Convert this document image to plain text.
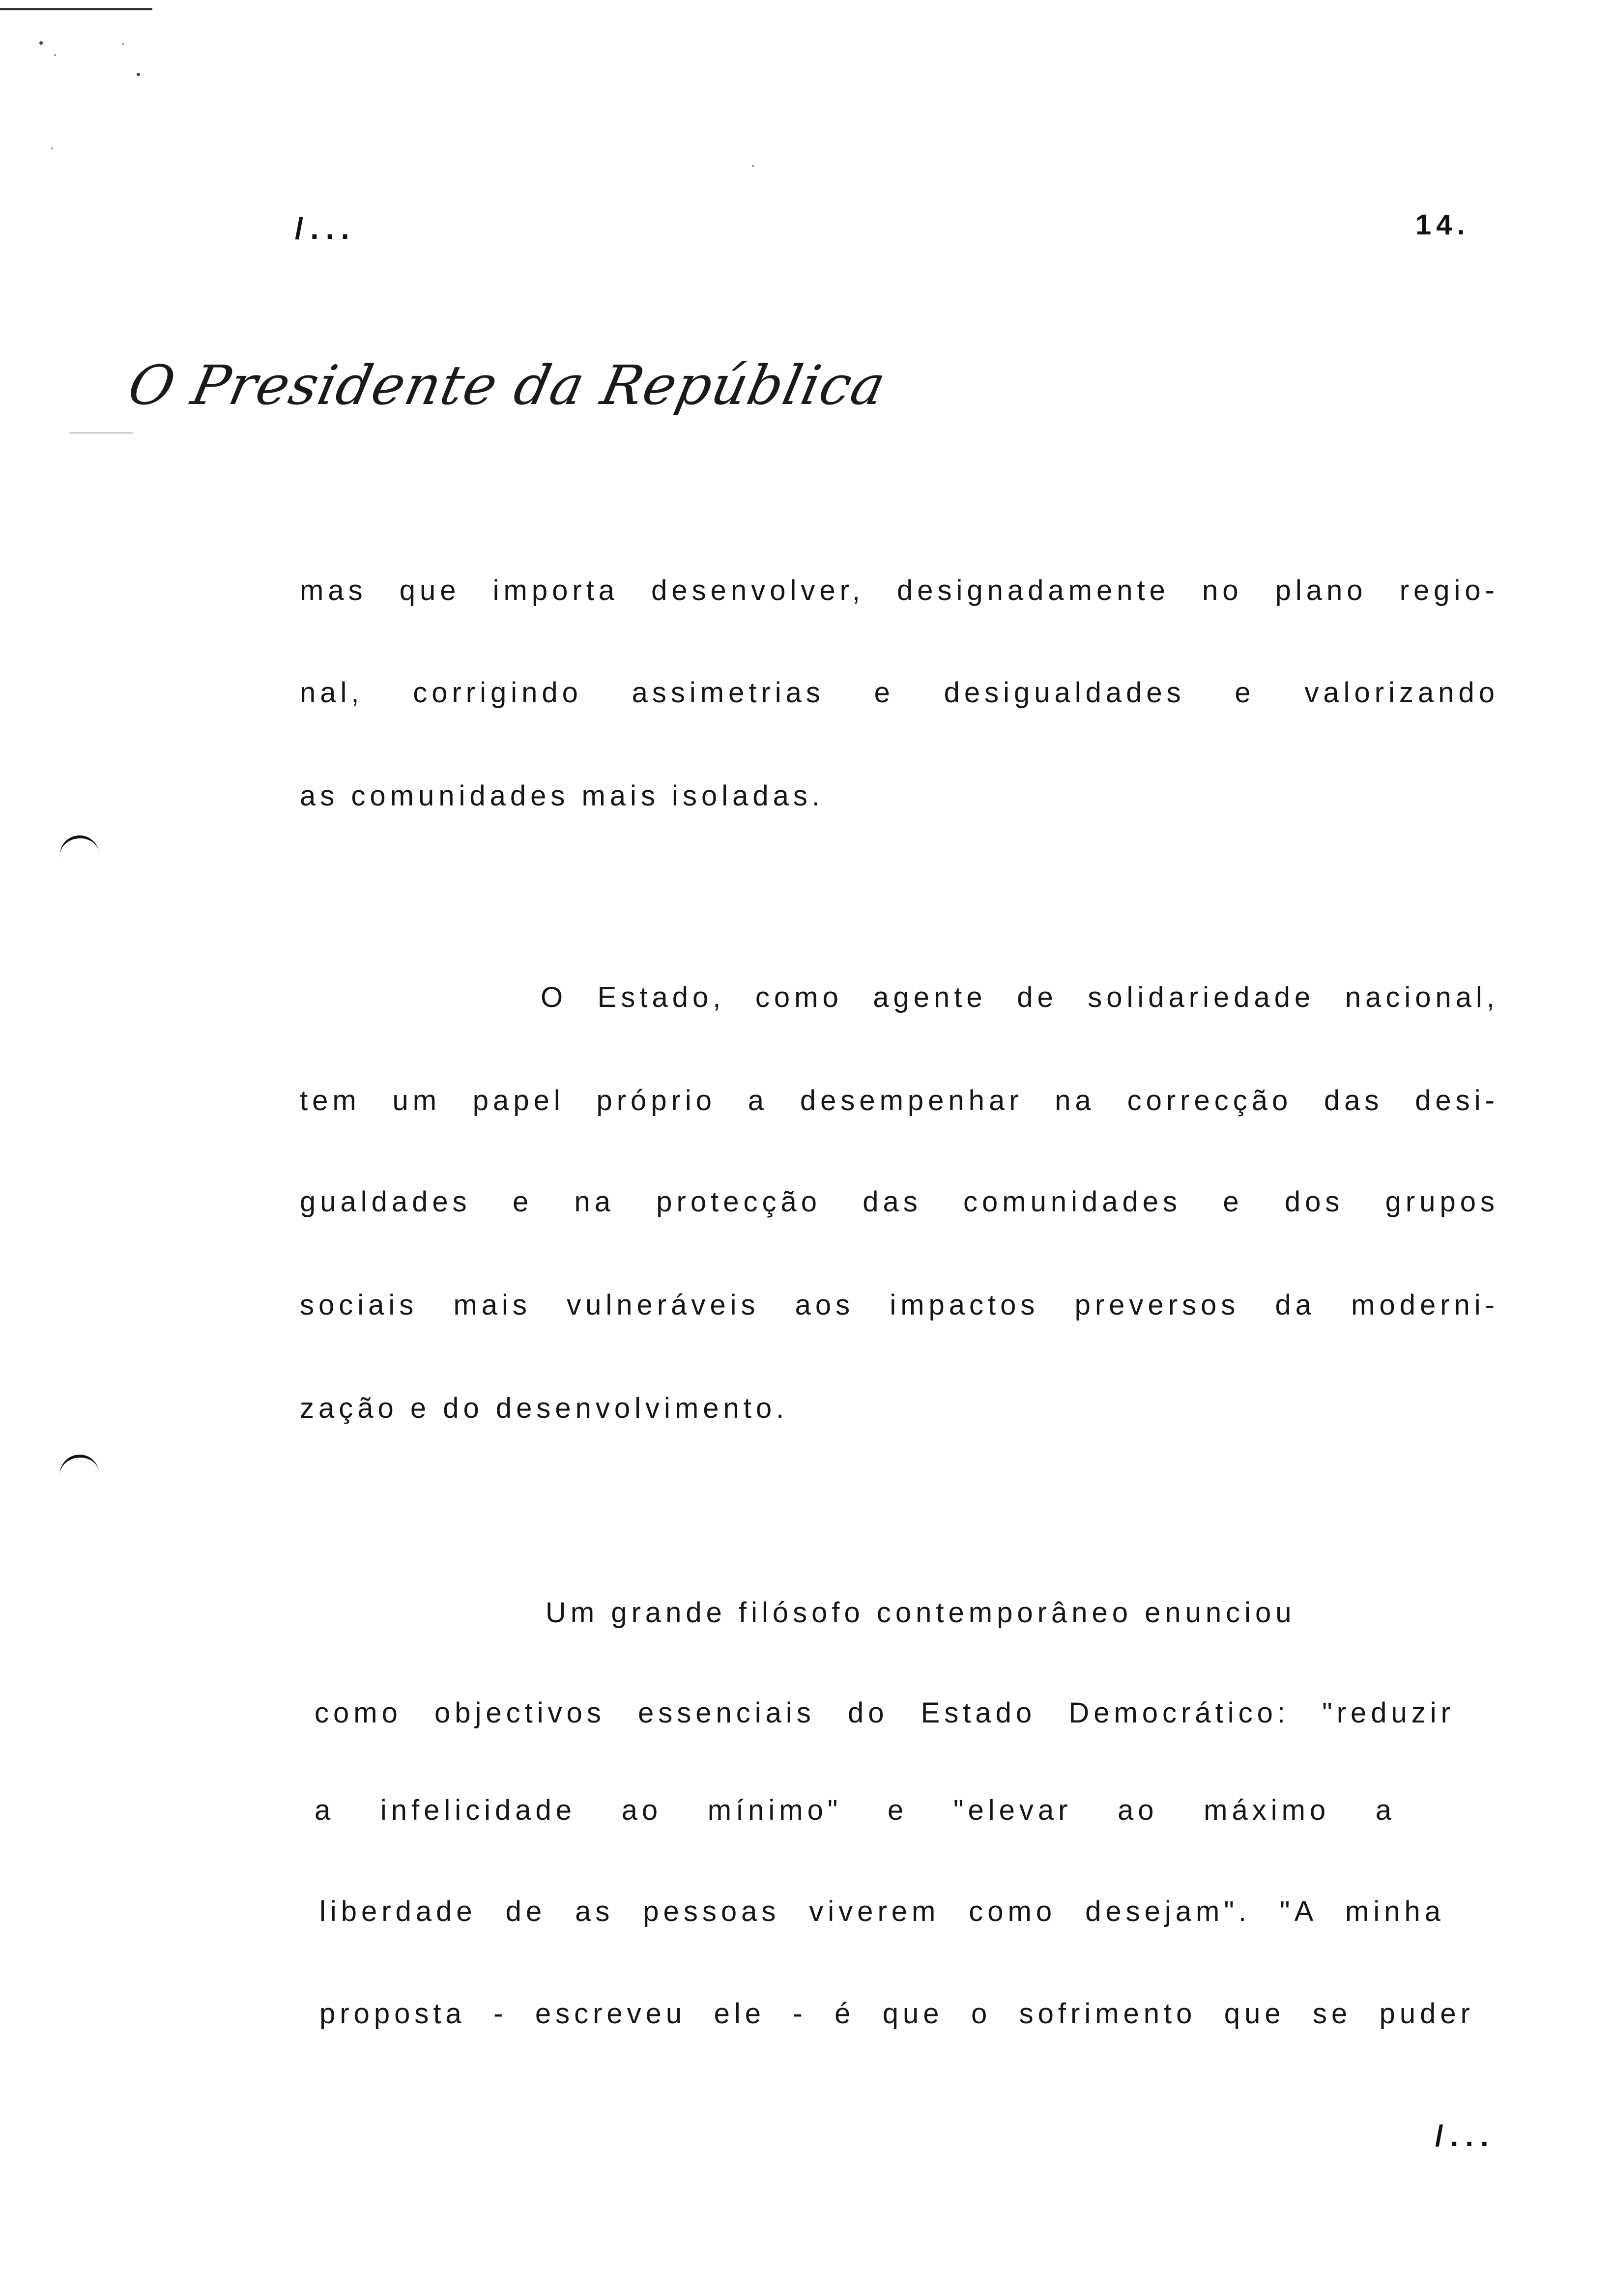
/...	14.
O Presidente da República
mas que importa desenvolver, designadamente no plano regio-
nal, corrigindo assimetrias e desigualdades e valorizando
as comunidades mais isoladas.
O Estado, como agente de solidariedade nacional,
tem um papel próprio a desempenhar na correcção das desi-
gualdades e na protecção das comunidades e dos grupos
sociais mais vulneráveis aos impactos preversos da moderni-
zação e do desenvolvimento.
Um grande filósofo contemporâneo enunciou
como objectivos essenciais do Estado Democrático: "reduzir
a infelicidade ao mínimo" e "elevar ao máximo a
liberdade de as pessoas viverem como desejam". "A minha
proposta - escreveu ele - é que o sofrimento que se puder
/...
